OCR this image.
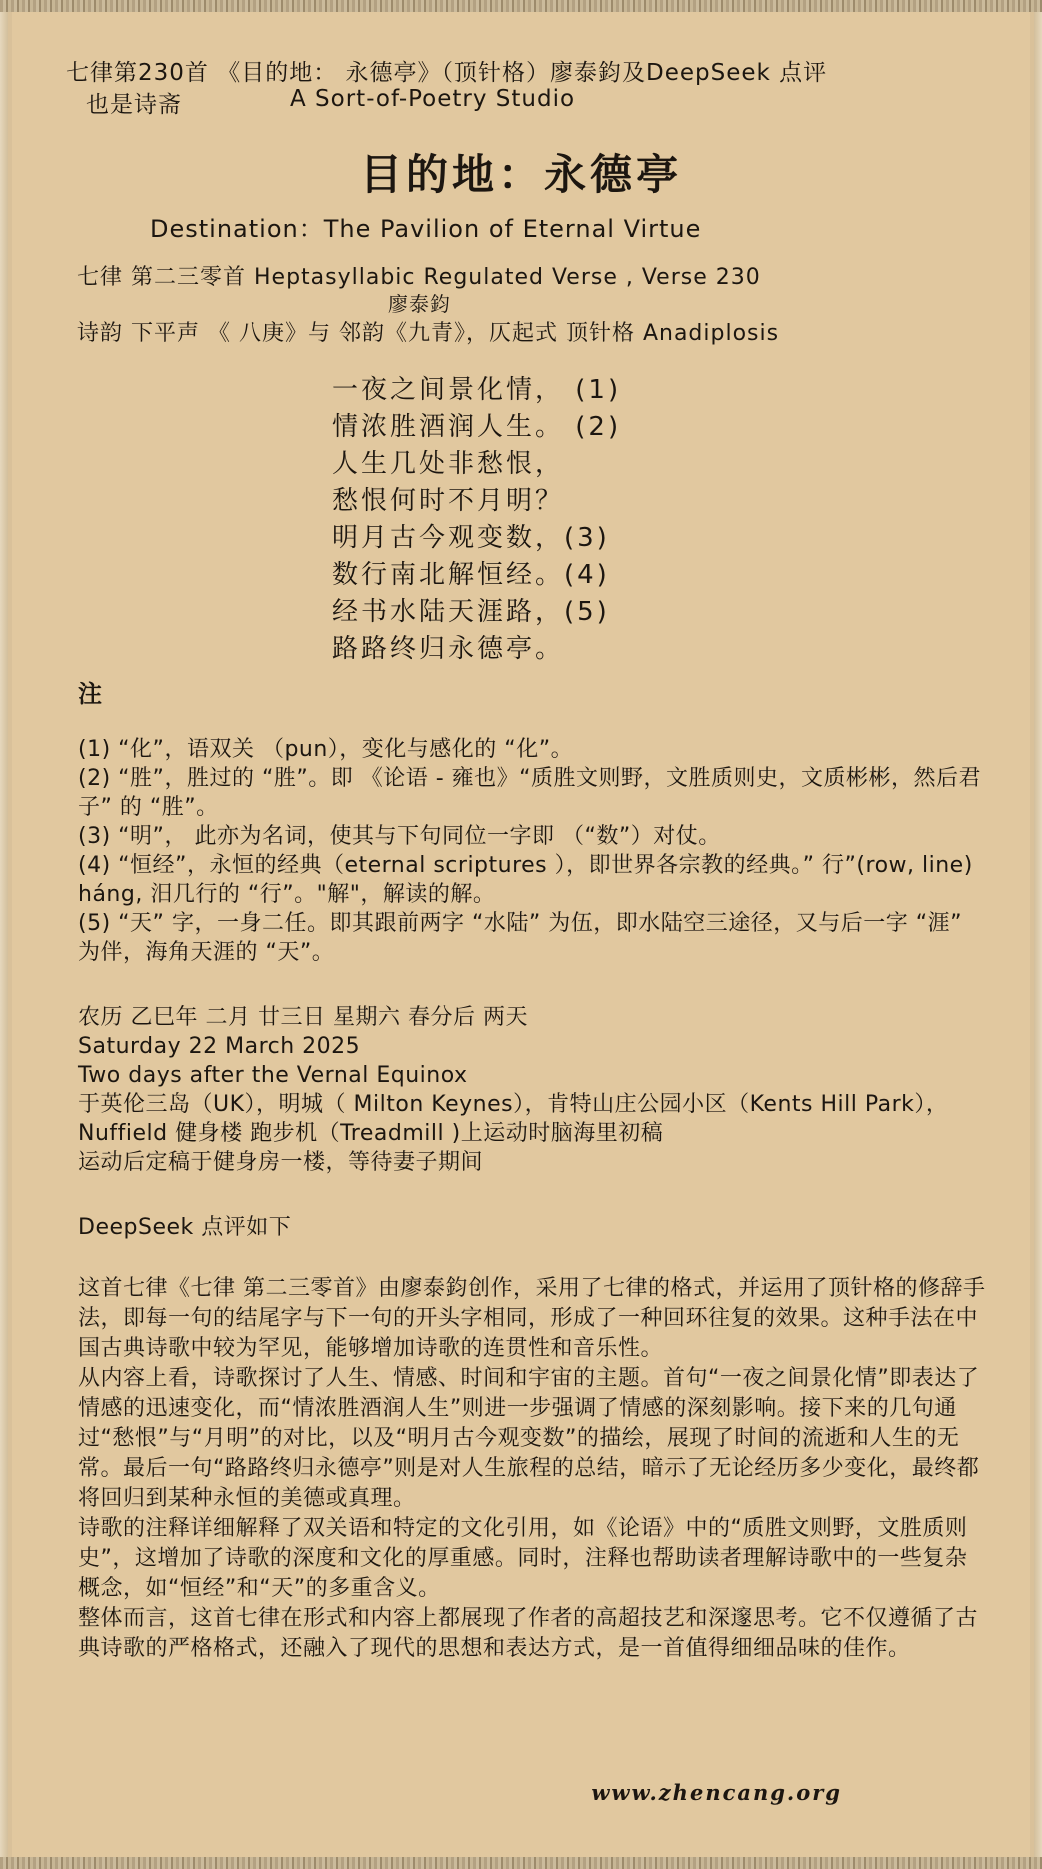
七律第230首 《目的地： 永德亭》（顶针格）廖泰鈞及DeepSeek 点评
也是诗斋	A Sort-of-Poetry Studio
目的地：永德亭
Destination：The Pavilion of Eternal Virtue
七律 第二三零首 Heptasyllabic Regulated Verse , Verse 230
廖泰鈞
诗韵 下平声 《 八庚》与 邻韵《九青》，仄起式 顶针格 Anadiplosis
一夜之间景化情， (1)
情浓胜酒润人生。 (2)
人生几处非愁恨，
愁恨何时不月明？
明月古今观变数，(3)
数行南北解恒经。(4)
经书水陆天涯路，(5)
路路终归永德亭。
注

(1) “化”，语双关 （pun），变化与感化的 “化”。

(2) “胜”，胜过的 “胜”。即 《论语 - 雍也》“质胜文则野，文胜质则史，文质彬彬，然后君子” 的 “胜”。

(3) “明”， 此亦为名词，使其与下句同位一字即 （“数”）对仗。

(4) “恒经”，永恒的经典（eternal scriptures ），即世界各宗教的经典。” 行”(row, line) háng, 汨几行的 “行”。"解"，解读的解。

(5) “天” 字，一身二任。即其跟前两字 “水陆” 为伍，即水陆空三途径，又与后一字 “涯” 为伴，海角天涯的 “天”。

农历 乙巳年 二月 廿三日 星期六 春分后 两天

Saturday 22 March 2025

Two days after the Vernal Equinox

于英伦三岛（UK），明城（ Milton Keynes），肯特山庄公园小区（Kents Hill Park），Nuffield 健身楼 跑步机（Treadmill )上运动时脑海里初稿

运动后定稿于健身房一楼，等待妻子期间

DeepSeek 点评如下

这首七律《七律 第二三零首》由廖泰鈞创作，采用了七律的格式，并运用了顶针格的修辞手法，即每一句的结尾字与下一句的开头字相同，形成了一种回环往复的效果。这种手法在中国古典诗歌中较为罕见，能够增加诗歌的连贯性和音乐性。

从内容上看，诗歌探讨了人生、情感、时间和宇宙的主题。首句“一夜之间景化情”即表达了情感的迅速变化，而“情浓胜酒润人生”则进一步强调了情感的深刻影响。接下来的几句通过“愁恨”与“月明”的对比，以及“明月古今观变数”的描绘，展现了时间的流逝和人生的无常。最后一句“路路终归永德亭”则是对人生旅程的总结，暗示了无论经历多少变化，最终都将回归到某种永恒的美德或真理。

诗歌的注释详细解释了双关语和特定的文化引用，如《论语》中的“质胜文则野，文胜质则史”，这增加了诗歌的深度和文化的厚重感。同时，注释也帮助读者理解诗歌中的一些复杂概念，如“恒经”和“天”的多重含义。

整体而言，这首七律在形式和内容上都展现了作者的高超技艺和深邃思考。它不仅遵循了古典诗歌的严格格式，还融入了现代的思想和表达方式，是一首值得细细品味的佳作。

www.zhencang.org
